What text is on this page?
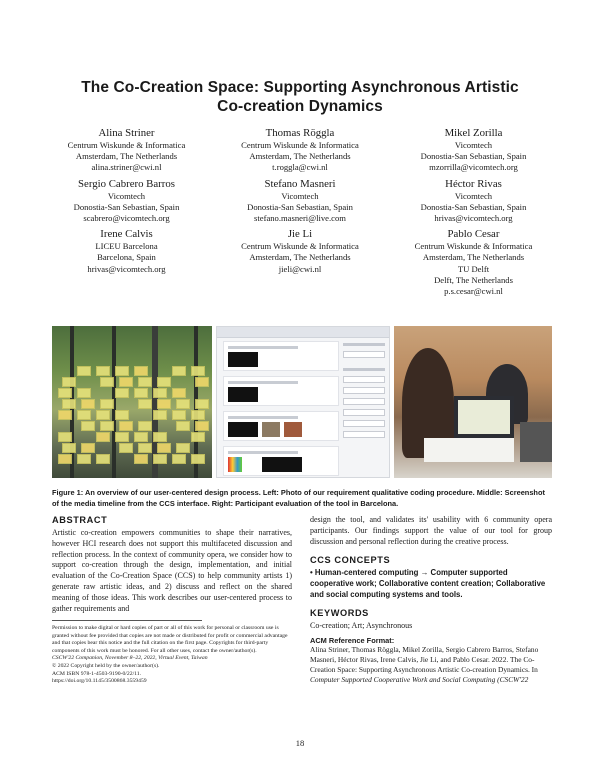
The Co-Creation Space: Supporting Asynchronous Artistic
Co-creation Dynamics
Alina Striner
Centrum Wiskunde & Informatica
Amsterdam, The Netherlands
alina.striner@cwi.nl
Thomas Röggla
Centrum Wiskunde & Informatica
Amsterdam, The Netherlands
t.roggla@cwi.nl
Mikel Zorilla
Vicomtech
Donostia-San Sebastian, Spain
mzorrilla@vicomtech.org
Sergio Cabrero Barros
Vicomtech
Donostia-San Sebastian, Spain
scabrero@vicomtech.org
Stefano Masneri
Vicomtech
Donostia-San Sebastian, Spain
stefano.masneri@live.com
Héctor Rivas
Vicomtech
Donostia-San Sebastian, Spain
hrivas@vicomtech.org
Irene Calvis
LICEU Barcelona
Barcelona, Spain
hrivas@vicomtech.org
Jie Li
Centrum Wiskunde & Informatica
Amsterdam, The Netherlands
jieli@cwi.nl
Pablo Cesar
Centrum Wiskunde & Informatica
Amsterdam, The Netherlands
TU Delft
Delft, The Netherlands
p.s.cesar@cwi.nl
Figure 1: An overview of our user-centered design process. Left: Photo of our requirement qualitative coding procedure. Middle: Screenshot of the media timeline from the CCS interface. Right: Participant evaluation of the tool in Barcelona.
ABSTRACT
Artistic co-creation empowers communities to shape their narratives, however HCI research does not support this multifaceted discussion and reflection process. In the context of community opera, we consider how to support co-creation through the design, implementation, and initial evaluation of the Co-Creation Space (CCS) to help community artists 1) generate raw artistic ideas, and 2) discuss and reflect on the shared meaning of those ideas. This work describes our user-centered process to gather requirements and
Permission to make digital or hard copies of part or all of this work for personal or classroom use is granted without fee provided that copies are not made or distributed for profit or commercial advantage and that copies bear this notice and the full citation on the first page. Copyrights for third-party components of this work must be honored. For all other uses, contact the owner/author(s).
CSCW'22 Companion, November 8–22, 2022, Virtual Event, Taiwan
© 2022 Copyright held by the owner/author(s).
ACM ISBN 978-1-4503-9190-0/22/11.
https://doi.org/10.1145/3500868.3559459
design the tool, and validates its' usability with 6 community opera participants. Our findings support the value of our tool for group discussion and personal reflection during the creative process.
CCS CONCEPTS
• Human-centered computing → Computer supported cooperative work; Collaborative content creation; Collaborative and social computing systems and tools.
KEYWORDS
Co-creation; Art; Asynchronous
ACM Reference Format:
Alina Striner, Thomas Röggla, Mikel Zorilla, Sergio Cabrero Barros, Stefano Masneri, Héctor Rivas, Irene Calvis, Jie Li, and Pablo Cesar. 2022. The Co-Creation Space: Supporting Asynchronous Artistic Co-creation Dynamics. In Computer Supported Cooperative Work and Social Computing (CSCW'22
18
